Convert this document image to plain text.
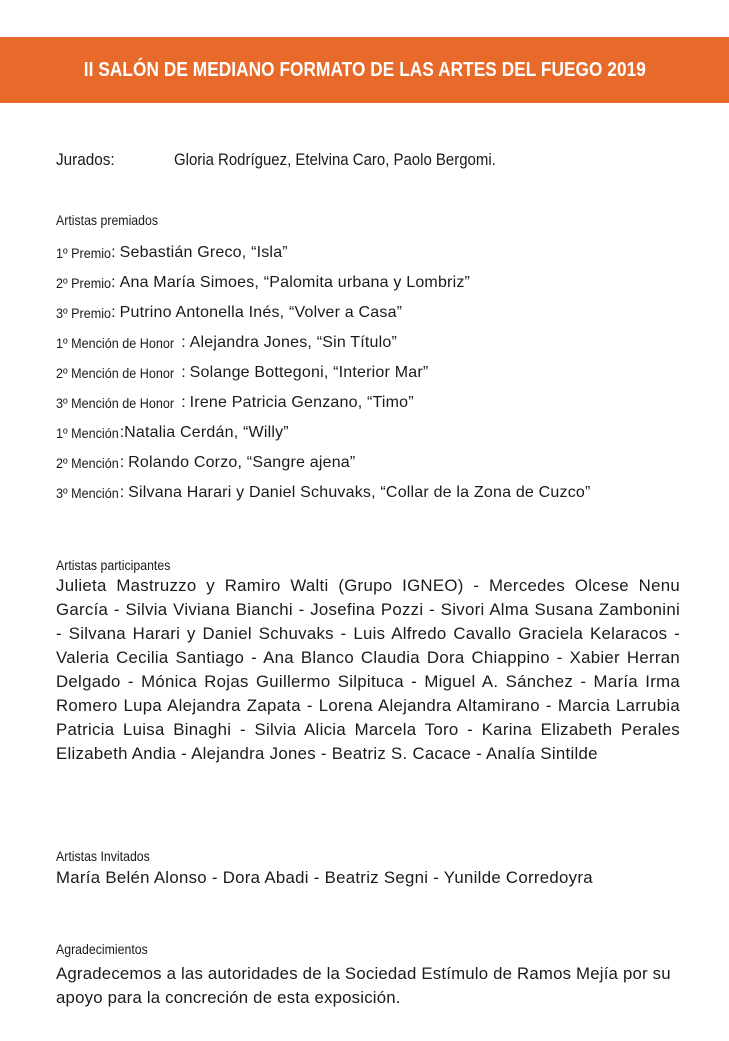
II SALÓN DE MEDIANO FORMATO DE LAS ARTES DEL FUEGO 2019
Jurados:	Gloria Rodríguez, Etelvina Caro, Paolo Bergomi.
Artistas premiados
1º Premio : Sebastián Greco, “Isla”
2º Premio : Ana María Simoes, “Palomita urbana y Lombriz”
3º Premio : Putrino Antonella Inés, “Volver a Casa”
1º Mención de Honor : Alejandra Jones, “Sin Título”
2º Mención de Honor : Solange Bottegoni, “Interior Mar”
3º Mención de Honor : Irene Patricia Genzano, “Timo”
1º Mención : Natalia Cerdán, “Willy”
2º Mención : Rolando Corzo, “Sangre ajena”
3º Mención : Silvana Harari y Daniel Schuvaks, “Collar de la Zona de Cuzco”
Artistas participantes
Julieta Mastruzzo y Ramiro Walti (Grupo IGNEO) - Mercedes Olcese Nenu García - Silvia Viviana Bianchi - Josefina Pozzi - Sivori Alma Susana Zambonini - Silvana Harari y Daniel Schuvaks - Luis Alfredo Cavallo Graciela Kelaracos - Valeria Cecilia Santiago - Ana Blanco Claudia Dora Chiappino - Xabier Herran Delgado - Mónica Rojas Guillermo Silpituca - Miguel A. Sánchez - María Irma Romero Lupa Alejandra Zapata - Lorena Alejandra Altamirano - Marcia Larrubia Patricia Luisa Binaghi - Silvia Alicia Marcela Toro - Karina Elizabeth Perales Elizabeth Andia - Alejandra Jones - Beatriz S. Cacace - Analía Sintilde
Artistas Invitados
María Belén Alonso - Dora Abadi - Beatriz Segni - Yunilde Corredoyra
Agradecimientos
Agradecemos a las autoridades de la Sociedad Estímulo de Ramos Mejía por su apoyo para la concreción de esta exposición.
